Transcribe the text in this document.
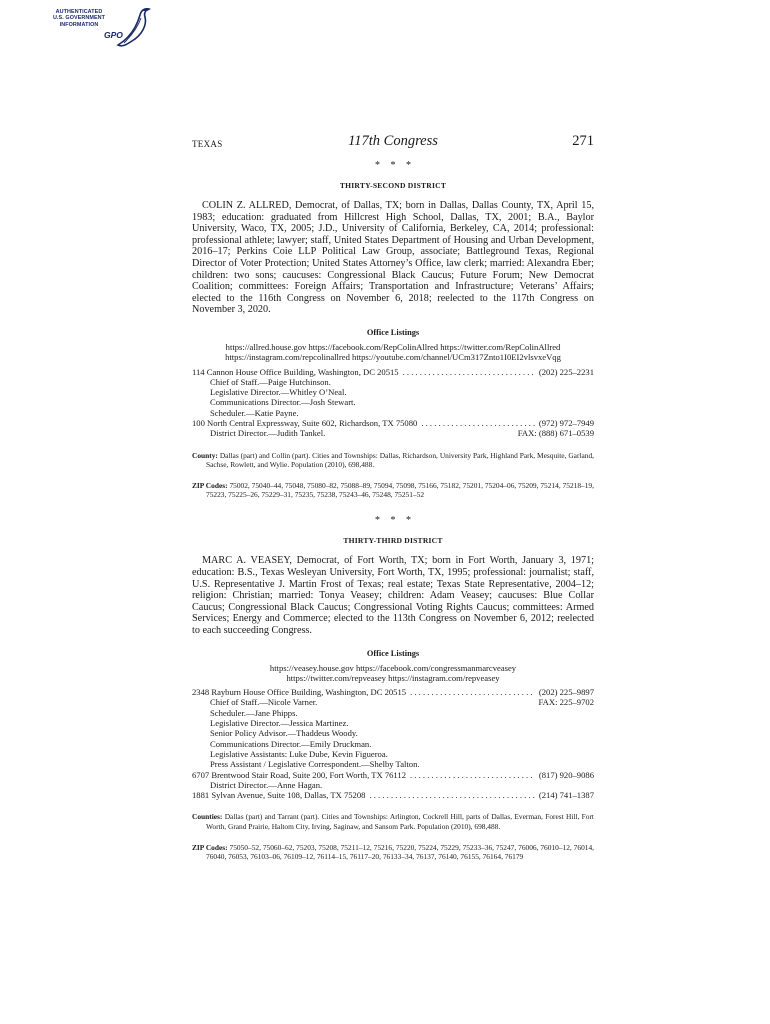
AUTHENTICATED
U.S. GOVERNMENT
INFORMATION
GPO
TEXAS	117th Congress	271

* * *

THIRTY-SECOND DISTRICT

COLIN Z. ALLRED, Democrat, of Dallas, TX; born in Dallas, Dallas County, TX, April 15, 1983; education: graduated from Hillcrest High School, Dallas, TX, 2001; B.A., Baylor University, Waco, TX, 2005; J.D., University of California, Berkeley, CA, 2014; professional: professional athlete; lawyer; staff, United States Department of Housing and Urban Development, 2016–17; Perkins Coie LLP Political Law Group, associate; Battleground Texas, Regional Director of Voter Protection; United States Attorney’s Office, law clerk; married: Alexandra Eber; children: two sons; caucuses: Congressional Black Caucus; Future Forum; New Democrat Coalition; committees: Foreign Affairs; Transportation and Infrastructure; Veterans’ Affairs; elected to the 116th Congress on November 6, 2018; reelected to the 117th Congress on November 3, 2020.

Office Listings

https://allred.house.gov https://facebook.com/RepColinAllred https://twitter.com/RepColinAllred

https://instagram.com/repcolinallred https://youtube.com/channel/UCm317Znto1I0EI2vlsvxeVqg

114 Cannon House Office Building, Washington, DC 20515 . . .	(202) 225–2231
Chief of Staff.—Paige Hutchinson.
Legislative Director.—Whitley O’Neal.
Communications Director.—Josh Stewart.
Scheduler.—Katie Payne.
100 North Central Expressway, Suite 602, Richardson, TX 75080 . . .	(972) 972–7949
District Director.—Judith Tankel.	FAX: (888) 671–0539

County: Dallas (part) and Collin (part). Cities and Townships: Dallas, Richardson, University Park, Highland Park, Mesquite, Garland, Sachse, Rowlett, and Wylie. Population (2010), 698,488.

ZIP Codes: 75002, 75040–44, 75048, 75080–82, 75088–89, 75094, 75098, 75166, 75182, 75201, 75204–06, 75209, 75214, 75218–19, 75223, 75225–26, 75229–31, 75235, 75238, 75243–46, 75248, 75251–52

* * *

THIRTY-THIRD DISTRICT

MARC A. VEASEY, Democrat, of Fort Worth, TX; born in Fort Worth, January 3, 1971; education: B.S., Texas Wesleyan University, Fort Worth, TX, 1995; professional: journalist; staff, U.S. Representative J. Martin Frost of Texas; real estate; Texas State Representative, 2004–12; religion: Christian; married: Tonya Veasey; children: Adam Veasey; caucuses: Blue Collar Caucus; Congressional Black Caucus; Congressional Voting Rights Caucus; committees: Armed Services; Energy and Commerce; elected to the 113th Congress on November 6, 2012; reelected to each succeeding Congress.

Office Listings

https://veasey.house.gov https://facebook.com/congressmanmarcveasey

https://twitter.com/repveasey https://instagram.com/repveasey

2348 Rayburn House Office Building, Washington, DC 20515 . . .	(202) 225–9897
Chief of Staff.—Nicole Varner.	FAX: 225–9702
Scheduler.—Jane Phipps.
Legislative Director.—Jessica Martinez.
Senior Policy Advisor.—Thaddeus Woody.
Communications Director.—Emily Druckman.
Legislative Assistants: Luke Dube, Kevin Figueroa.
Press Assistant / Legislative Correspondent.—Shelby Talton.
6707 Brentwood Stair Road, Suite 200, Fort Worth, TX 76112 . . .	(817) 920–9086
District Director.—Anne Hagan.
1881 Sylvan Avenue, Suite 108, Dallas, TX 75208 . . .	(214) 741–1387

Counties: Dallas (part) and Tarrant (part). Cities and Townships: Arlington, Cockrell Hill, parts of Dallas, Everman, Forest Hill, Fort Worth, Grand Prairie, Haltom City, Irving, Saginaw, and Sansom Park. Population (2010), 698,488.

ZIP Codes: 75050–52, 75060–62, 75203, 75208, 75211–12, 75216, 75220, 75224, 75229, 75233–36, 75247, 76006, 76010–12, 76014, 76040, 76053, 76103–06, 76109–12, 76114–15, 76117–20, 76133–34, 76137, 76140, 76155, 76164, 76179
